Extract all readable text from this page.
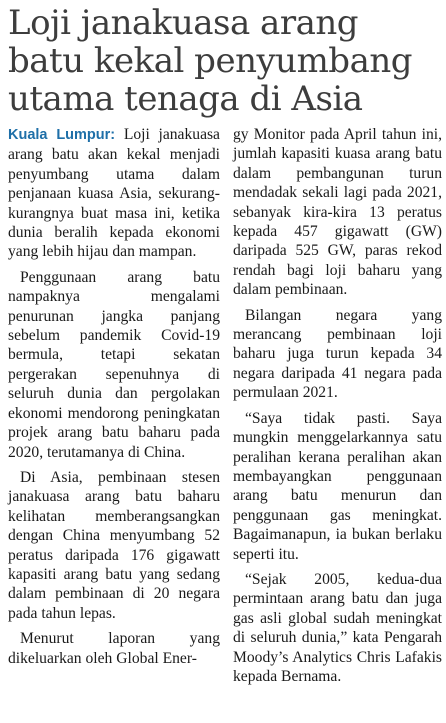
Loji janakuasa arang
batu kekal penyumbang
utama tenaga di Asia

Kuala Lumpur: Loji janakuasa arang batu akan kekal menjadi penyumbang utama dalam penjanaan kuasa Asia, sekurang-kurangnya buat masa ini, ketika dunia beralih kepada ekonomi yang lebih hijau dan mampan.

Penggunaan arang batu nampaknya mengalami penurunan jangka panjang sebelum pandemik Covid-19 bermula, tetapi sekatan pergerakan sepenuhnya di seluruh dunia dan pergolakan ekonomi mendorong peningkatan projek arang batu baharu pada 2020, terutamanya di China.

Di Asia, pembinaan stesen janakuasa arang batu baharu kelihatan memberangsangkan dengan China menyumbang 52 peratus daripada 176 gigawatt kapasiti arang batu yang sedang dalam pembinaan di 20 negara pada tahun lepas.

Menurut laporan yang dikeluarkan oleh Global Ener-

gy Monitor pada April tahun ini, jumlah kapasiti kuasa arang batu dalam pembangunan turun mendadak sekali lagi pada 2021, sebanyak kira-kira 13 peratus kepada 457 gigawatt (GW) daripada 525 GW, paras rekod rendah bagi loji baharu yang dalam pembinaan.

Bilangan negara yang merancang pembinaan loji baharu juga turun kepada 34 negara daripada 41 negara pada permulaan 2021.

“Saya tidak pasti. Saya mungkin menggelarkannya satu peralihan kerana peralihan akan membayangkan penggunaan arang batu menurun dan penggunaan gas meningkat. Bagaimanapun, ia bukan berlaku seperti itu.

“Sejak 2005, kedua-dua permintaan arang batu dan juga gas asli global sudah meningkat di seluruh dunia,” kata Pengarah Moody’s Analytics Chris Lafakis kepada Bernama.
